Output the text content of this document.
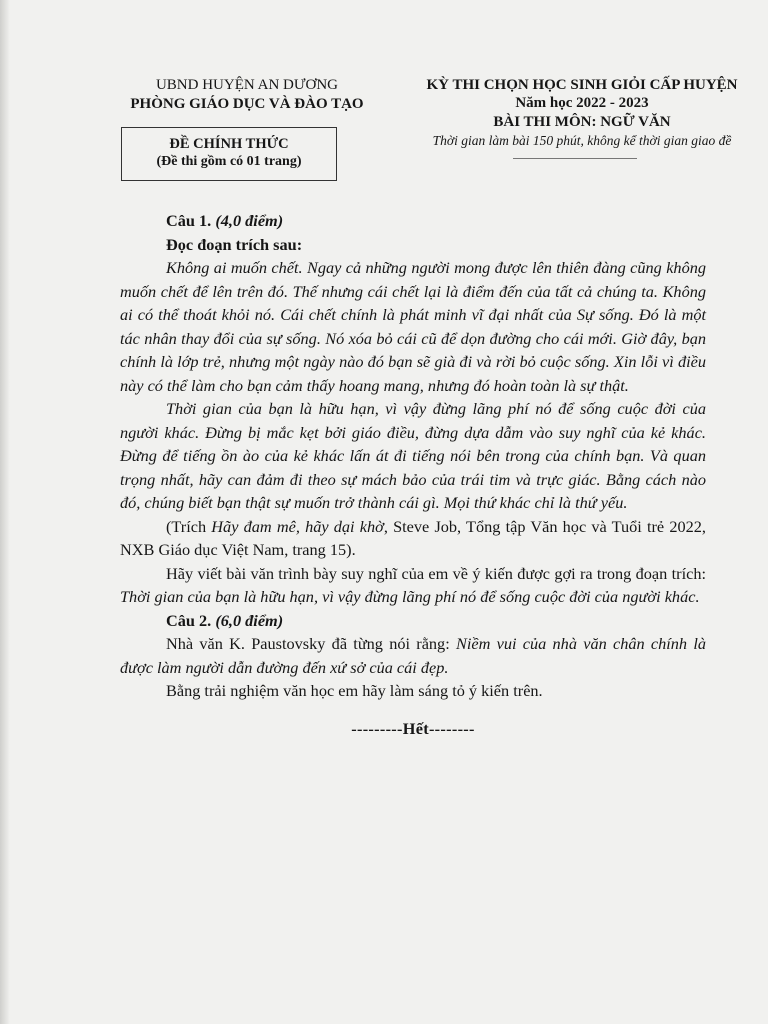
UBND HUYỆN AN DƯƠNG
PHÒNG GIÁO DỤC VÀ ĐÀO TẠO
KỲ THI CHỌN HỌC SINH GIỎI CẤP HUYỆN
Năm học 2022 - 2023
BÀI THI MÔN: NGỮ VĂN
Thời gian làm bài 150 phút, không kể thời gian giao đề
ĐỀ CHÍNH THỨC
(Đề thi gồm có 01 trang)

Câu 1. (4,0 điểm)

Đọc đoạn trích sau:

Không ai muốn chết. Ngay cả những người mong được lên thiên đàng cũng không muốn chết để lên trên đó. Thế nhưng cái chết lại là điểm đến của tất cả chúng ta. Không ai có thể thoát khỏi nó. Cái chết chính là phát minh vĩ đại nhất của Sự sống. Đó là một tác nhân thay đổi của sự sống. Nó xóa bỏ cái cũ để dọn đường cho cái mới. Giờ đây, bạn chính là lớp trẻ, nhưng một ngày nào đó bạn sẽ già đi và rời bỏ cuộc sống. Xin lỗi vì điều này có thể làm cho bạn cảm thấy hoang mang, nhưng đó hoàn toàn là sự thật.

Thời gian của bạn là hữu hạn, vì vậy đừng lãng phí nó để sống cuộc đời của người khác. Đừng bị mắc kẹt bởi giáo điều, đừng dựa dẫm vào suy nghĩ của kẻ khác. Đừng để tiếng ồn ào của kẻ khác lấn át đi tiếng nói bên trong của chính bạn. Và quan trọng nhất, hãy can đảm đi theo sự mách bảo của trái tim và trực giác. Bằng cách nào đó, chúng biết bạn thật sự muốn trở thành cái gì. Mọi thứ khác chỉ là thứ yếu.

(Trích Hãy đam mê, hãy dại khờ, Steve Job, Tổng tập Văn học và Tuổi trẻ 2022, NXB Giáo dục Việt Nam, trang 15).

Hãy viết bài văn trình bày suy nghĩ của em về ý kiến được gợi ra trong đoạn trích: Thời gian của bạn là hữu hạn, vì vậy đừng lãng phí nó để sống cuộc đời của người khác.

Câu 2. (6,0 điểm)

Nhà văn K. Paustovsky đã từng nói rằng: Niềm vui của nhà văn chân chính là được làm người dẫn đường đến xứ sở của cái đẹp.

Bằng trải nghiệm văn học em hãy làm sáng tỏ ý kiến trên.

---------Hết--------
